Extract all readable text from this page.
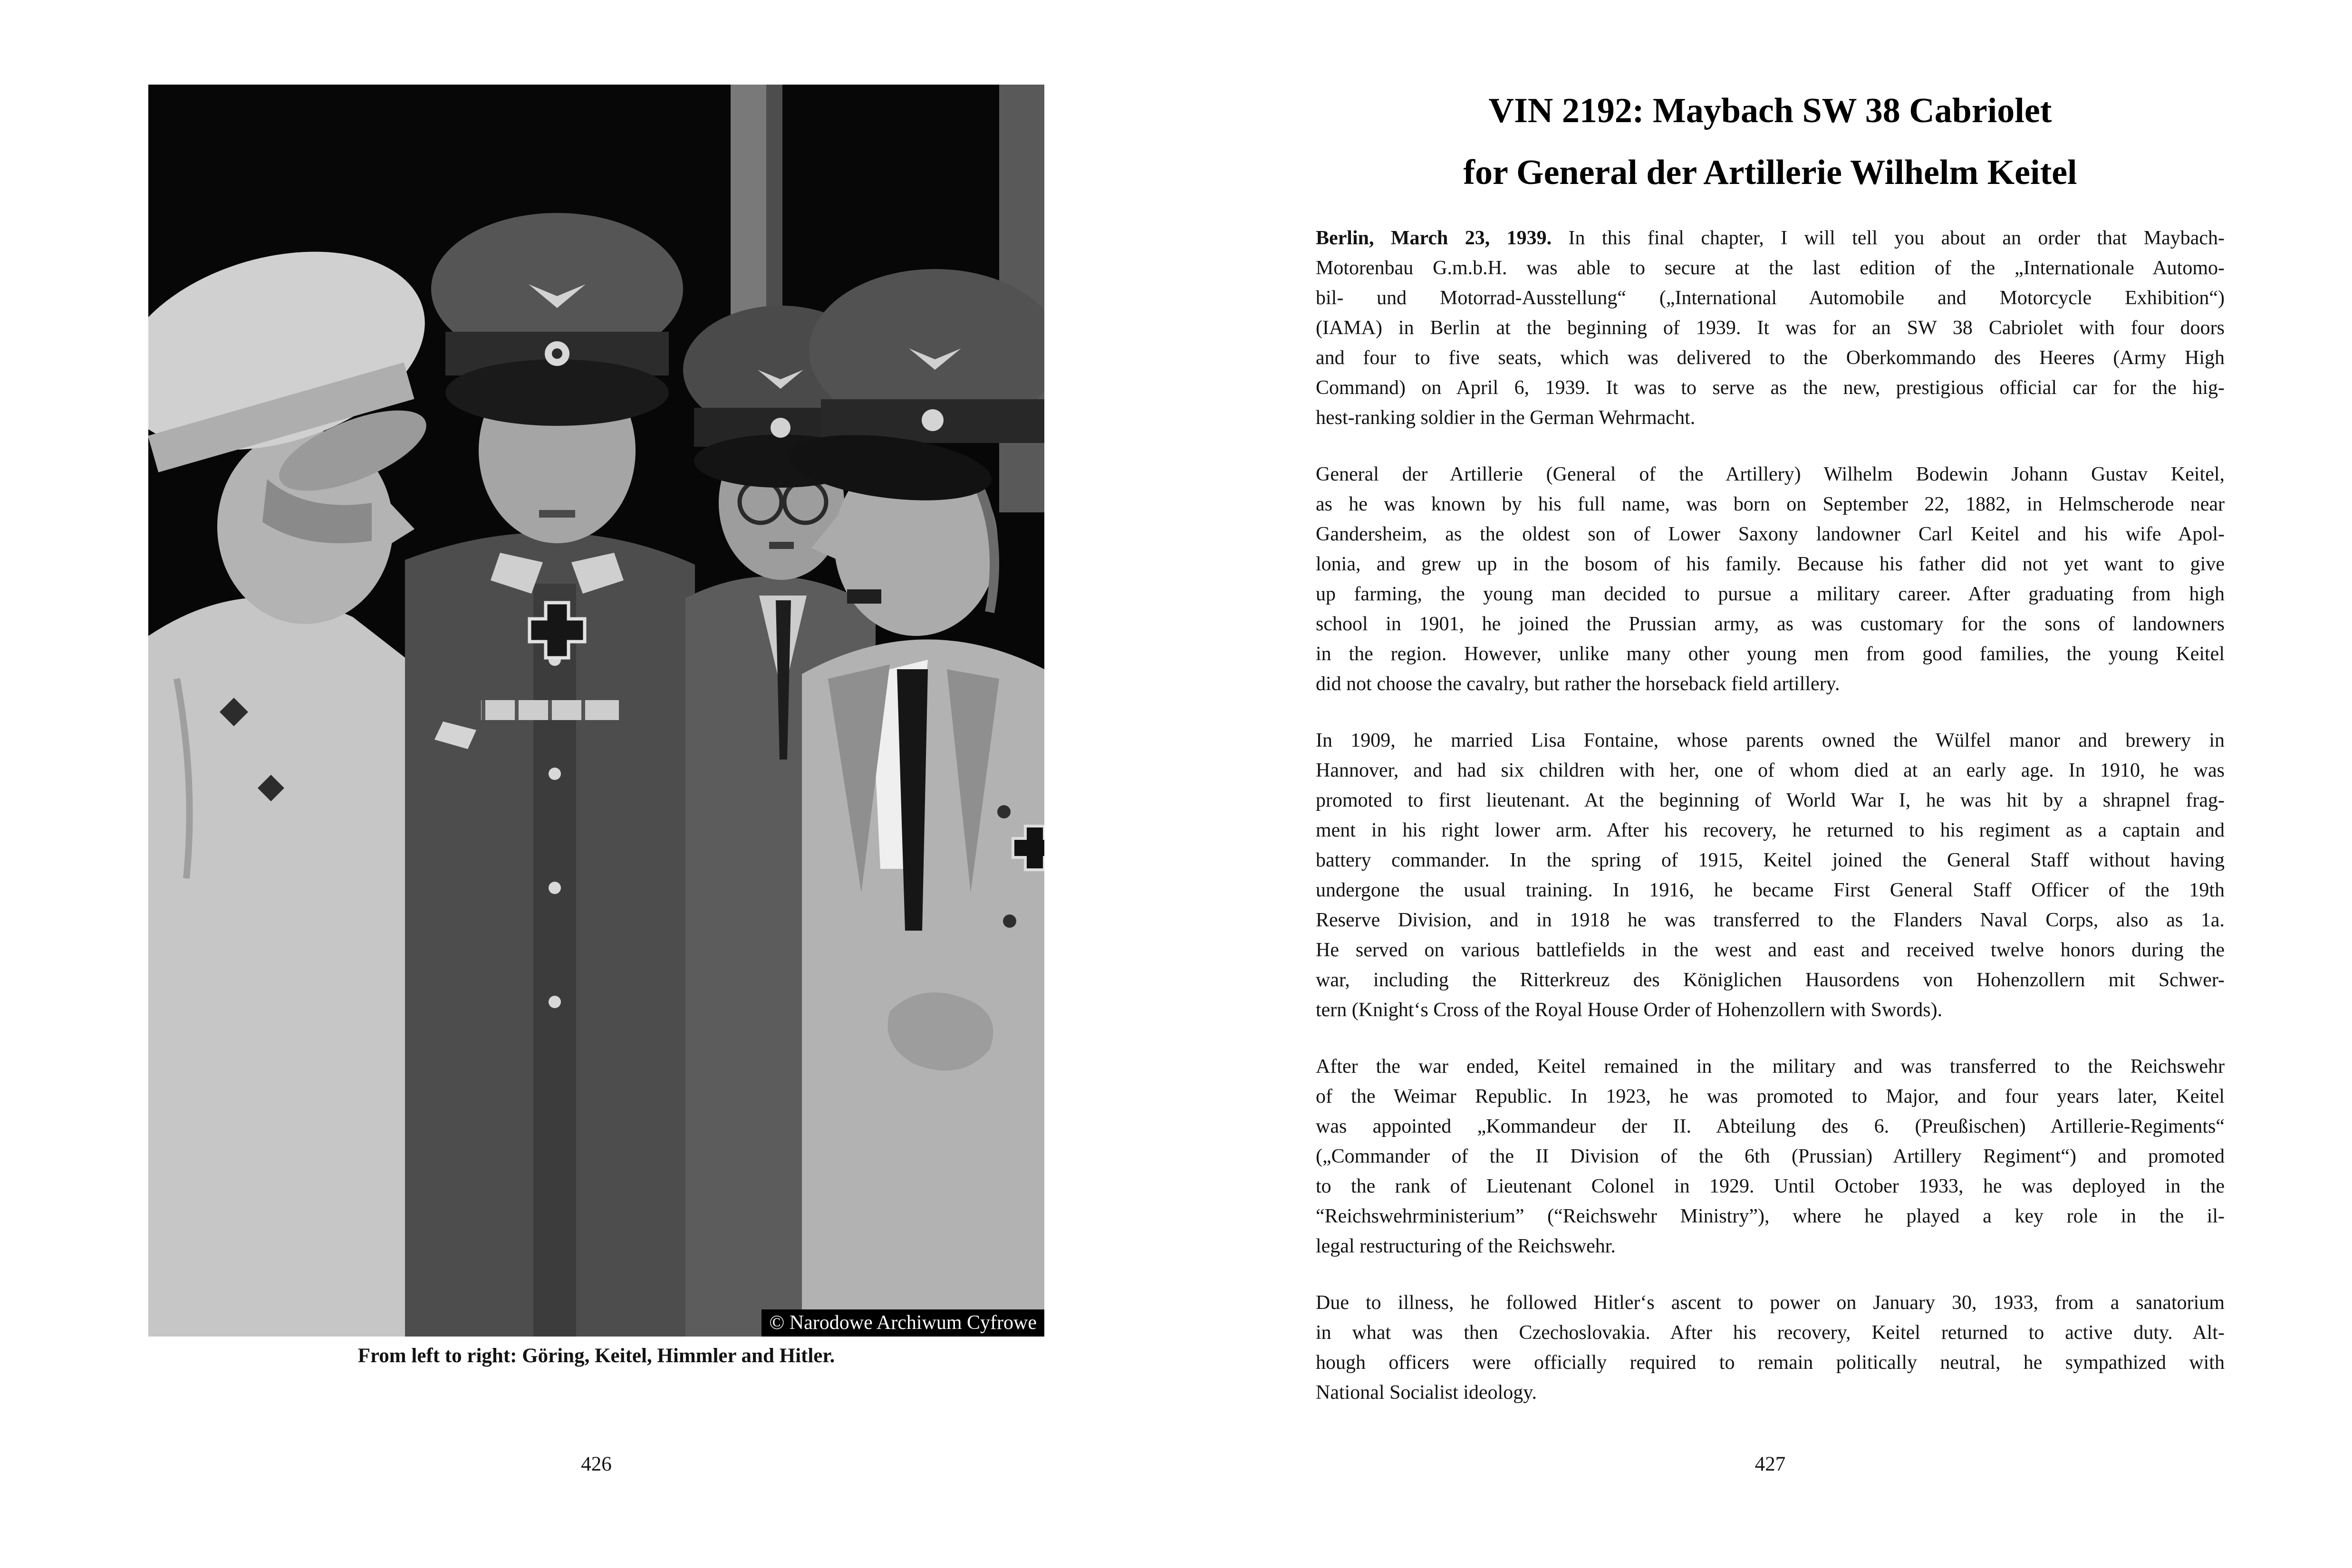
© Narodowe Archiwum Cyfrowe
From left to right: Göring, Keitel, Himmler and Hitler.
426
VIN 2192: Maybach SW 38 Cabriolet
for General der Artillerie Wilhelm Keitel
Berlin, March 23, 1939. In this final chapter, I will tell you about an order that Maybach-
Motorenbau G.m.b.H. was able to secure at the last edition of the „Internationale Automo-
bil- und Motorrad-Ausstellung“ („International Automobile and Motorcycle Exhibition“)
(IAMA) in Berlin at the beginning of 1939. It was for an SW 38 Cabriolet with four doors
and four to five seats, which was delivered to the Oberkommando des Heeres (Army High
Command) on April 6, 1939. It was to serve as the new, prestigious official car for the hig-
hest-ranking soldier in the German Wehrmacht.
General der Artillerie (General of the Artillery) Wilhelm Bodewin Johann Gustav Keitel,
as he was known by his full name, was born on September 22, 1882, in Helmscherode near
Gandersheim, as the oldest son of Lower Saxony landowner Carl Keitel and his wife Apol-
lonia, and grew up in the bosom of his family. Because his father did not yet want to give
up farming, the young man decided to pursue a military career. After graduating from high
school in 1901, he joined the Prussian army, as was customary for the sons of landowners
in the region. However, unlike many other young men from good families, the young Keitel
did not choose the cavalry, but rather the horseback field artillery.
In 1909, he married Lisa Fontaine, whose parents owned the Wülfel manor and brewery in
Hannover, and had six children with her, one of whom died at an early age. In 1910, he was
promoted to first lieutenant. At the beginning of World War I, he was hit by a shrapnel frag-
ment in his right lower arm. After his recovery, he returned to his regiment as a captain and
battery commander. In the spring of 1915, Keitel joined the General Staff without having
undergone the usual training. In 1916, he became First General Staff Officer of the 19th
Reserve Division, and in 1918 he was transferred to the Flanders Naval Corps, also as 1a.
He served on various battlefields in the west and east and received twelve honors during the
war, including the Ritterkreuz des Königlichen Hausordens von Hohenzollern mit Schwer-
tern (Knight‘s Cross of the Royal House Order of Hohenzollern with Swords).
After the war ended, Keitel remained in the military and was transferred to the Reichswehr
of the Weimar Republic. In 1923, he was promoted to Major, and four years later, Keitel
was appointed „Kommandeur der II. Abteilung des 6. (Preußischen) Artillerie-Regiments“
(„Commander of the II Division of the 6th (Prussian) Artillery Regiment“) and promoted
to the rank of Lieutenant Colonel in 1929. Until October 1933, he was deployed in the
“Reichswehrministerium” (“Reichswehr Ministry”), where he played a key role in the il-
legal restructuring of the Reichswehr.
Due to illness, he followed Hitler‘s ascent to power on January 30, 1933, from a sanatorium
in what was then Czechoslovakia. After his recovery, Keitel returned to active duty. Alt-
hough officers were officially required to remain politically neutral, he sympathized with
National Socialist ideology.
427
